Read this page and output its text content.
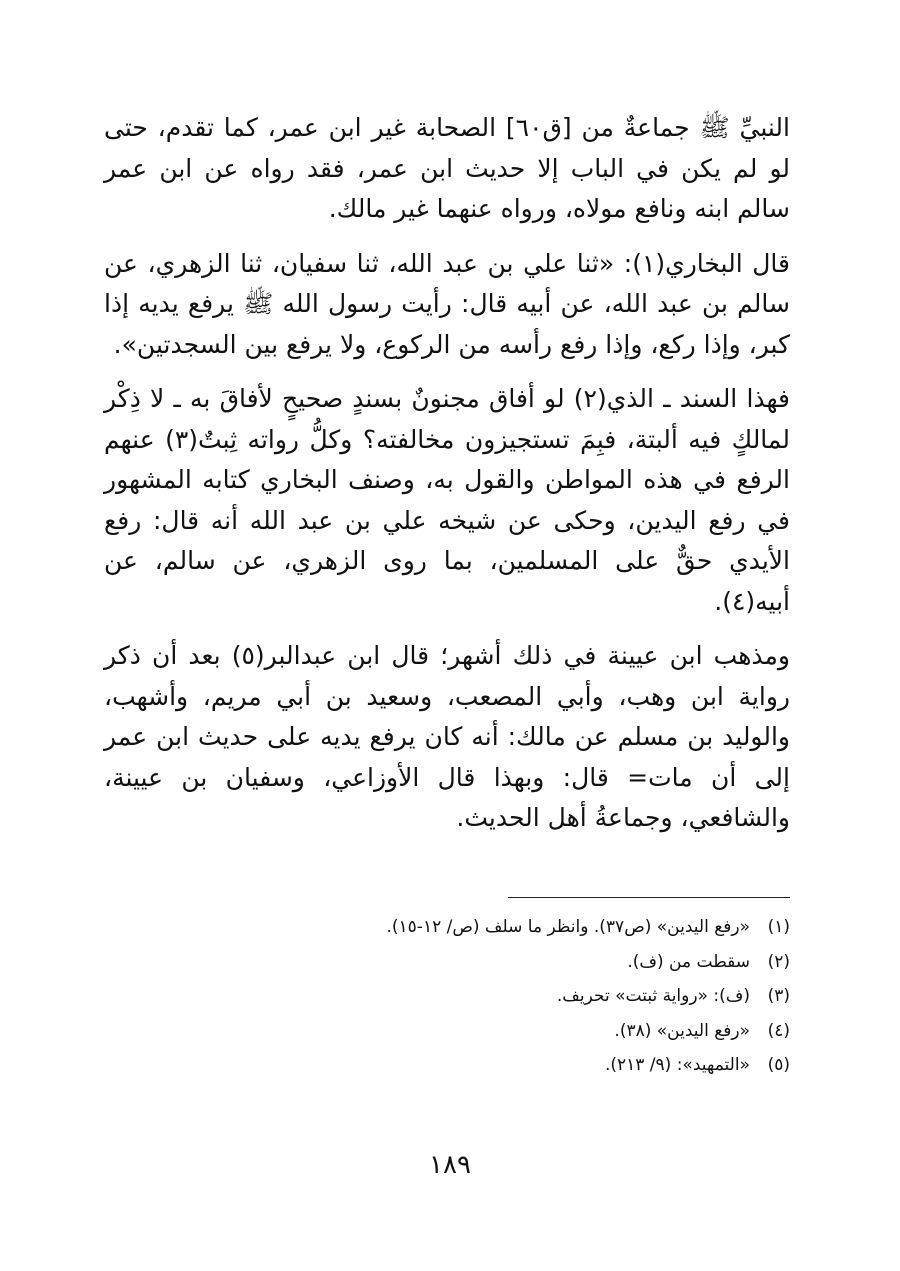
النبيِّ ﷺ جماعةٌ من [ق٦٠] الصحابة غير ابن عمر، كما تقدم، حتى لو لم يكن في الباب إلا حديث ابن عمر، فقد رواه عن ابن عمر سالم ابنه ونافع مولاه، ورواه عنهما غير مالك.

قال البخاري(١): «ثنا علي بن عبد الله، ثنا سفيان، ثنا الزهري، عن سالم بن عبد الله، عن أبيه قال: رأيت رسول الله ﷺ يرفع يديه إذا كبر، وإذا ركع، وإذا رفع رأسه من الركوع، ولا يرفع بين السجدتين».

فهذا السند ـ الذي(٢) لو أفاق مجنونٌ بسندٍ صحيحٍ لأفاقَ به ـ لا ذِكْر لمالكٍ فيه ألبتة، فبِمَ تستجيزون مخالفته؟ وكلُّ رواته ثِبتٌ(٣) عنهم الرفع في هذه المواطن والقول به، وصنف البخاري كتابه المشهور في رفع اليدين، وحكى عن شيخه علي بن عبد الله أنه قال: رفع الأيدي حقٌّ على المسلمين، بما روى الزهري، عن سالم، عن أبيه(٤).

ومذهب ابن عيينة في ذلك أشهر؛ قال ابن عبدالبر(٥) بعد أن ذكر رواية ابن وهب، وأبي المصعب، وسعيد بن أبي مريم، وأشهب، والوليد بن مسلم عن مالك: أنه كان يرفع يديه على حديث ابن عمر إلى أن مات= قال: وبهذا قال الأوزاعي، وسفيان بن عيينة، والشافعي، وجماعةُ أهل الحديث.

(١)«رفع اليدين» (ص٣٧). وانظر ما سلف (ص/ ١٢-١٥).
(٢)سقطت من (ف).
(٣)(ف): «رواية ثبتت» تحريف.
(٤)«رفع اليدين» (٣٨).
(٥)«التمهيد»: (٩/ ٢١٣).
١٨٩
